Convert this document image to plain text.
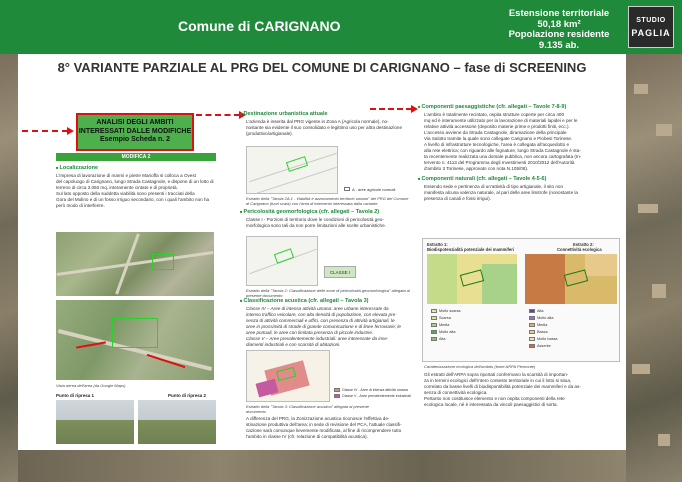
Comune di CARIGNANO
Estensione territoriale
50,18 km²
Popolazione residente
9.135 ab.
STUDIO
PAGLIA
8° VARIANTE PARZIALE AL PRG DEL COMUNE DI CARIGNANO – fase di SCREENING
ANALISI DEGLI AMBITI
INTERESSATI DALLE MODIFICHE
Esempio Scheda n. 2
MODIFICA 2
■ Localizzazione
L'impresa di lavorazione di marmi e pietre Marioffa si colloca a Ovest
del capoluogo di Carignano, lungo Strada Castagnole, e dispone di un lotto di
terreno di circa 3.050 mq, interamente cintato e di proprietà.
Sul lato opposto della suddetta viabilità sono presenti i tracciati della
Gora del Molino e di un fosso irriguo secondario, con i quali l'ambito non ha
però modo di interferire.
Vista aerea dell'area (da Google Maps)
Punto di ripresa 1	Punto di ripresa 2
■ Destinazione urbanistica attuale
L'azienda è inserita dal PRG vigente in Zona A (Agricola normale), no-
nostante sia evidente il suo consolidato e legittimo uso per altra destinazione
(produttivo/artigianale).
A - aree agricole normali
Estratto della "Tavola 2A.1 - Viabilità e azzonamento territorio urbano" del PRG del Comune
di Carignano (fuori scala) con l'area di intervento interessata dalla variante
■ Pericolosità geomorfologica (cfr. allegati – Tavola 2)
Classe I - Porzioni di territorio dove le condizioni di pericolosità geo-
morfologica sono tali da non porre limitazioni alle scelte urbanistiche.
CLASSE I
Estratto della "Tavola 2: Classificazione delle zone di pericolosità geomorfologica" allegata al
presente documento
■ Classificazione acustica (cfr. allegati – Tavola 3)
Classe IV – Aree di intensa attività umana: aree urbane interessate da
intenso traffico veicolare, con alta densità di popolazione, con elevata pre-
senza di attività commerciali e uffici, con presenza di attività artigianali, le
aree in prossimità di strade di grande comunicazione e di linee ferroviarie; le
aree portuali, le aree con limitata presenza di piccole industrie.
Classe V – Aree prevalentemente industriali: aree interessate da inse-
diamenti industriali e con scarsità di abitazioni.
Classe IV - Aree di intensa attività umana
Classe V - Aree prevalentemente industriali
Estratto della "Tavola 3: Classificazione acustica" allegata al presente
documento
A differenza del PRG, la Zonizzazione acustica riconosce l'effettiva de-
stinazione produttiva dell'area; in sede di revisione del PCA, l'attuale classifi-
cazione sarà comunque lievemente modificata, al fine di ricomprendere tutto
l'ambito in classe IV (cfr. relazione di compatibilità acustica).
■ Componenti paesaggistiche (cfr. allegati – Tavole 7-8-9)
L'ambito è totalmente recintato, ospita strutture coperte per circa 400
mq ed è interamente utilizzato per la lavorazione di materiali lapidei e per le
relative attività accessorie (deposito materie prime e prodotti finiti, ecc.).
L'accesso avviene da Strada Castagnole, diramazione della principale
Via Salotto tramite la quale sono collegate Carignano e Piobesi Torinese.
A livello di infrastrutture tecnologiche, l'area è collegata all'acquedotto e
alla rete elettrica; con riguardo alle fognature, lungo Strada Castagnole è sta-
ta recentemente realizzata una dorsale pubblica, non ancora cartografata (In-
tervento n. 4113 del Programma degli Investimenti 2010/2012 dell'Autorità
d'ambito 3 Torinese, approvato con nota N.105/08).
■ Componenti naturali (cfr. allegati – Tavole 4-5-6)
Essendo sede e pertinenza di un'attività di tipo artigianale, il sito non
manifesta alcuna valenza naturale, al pari delle aree limitrofe (nonostante la
presenza di canali e fossi irrigui).
Estratto 1:
Biodispotenzialità potenziale dei mammiferi
Estratto 2:
Connettività ecologica
Molto scarsa
Scarsa
Media
Molto alta
Alta
Alta
Molto alta
Media
Bassa
Molto bassa
Assente
Caratterizzazione ecologica dell'ambito (fonte ARPA Piemonte)
Gli estratti dell'ARPA sopra riportati confermano la scarsità di importan-
za in termini ecologici dell'intero contesto territoriale in cui il lotto si situa,
correlato da basse livelli di biodispontibilità potenziale dei mammiferi e da as-
senza di connettività ecologica.
Pertanto non costituisce elemento e non ospita componenti della rete
ecologica locale, né è interessata da vincoli paesaggistici di sorta.
